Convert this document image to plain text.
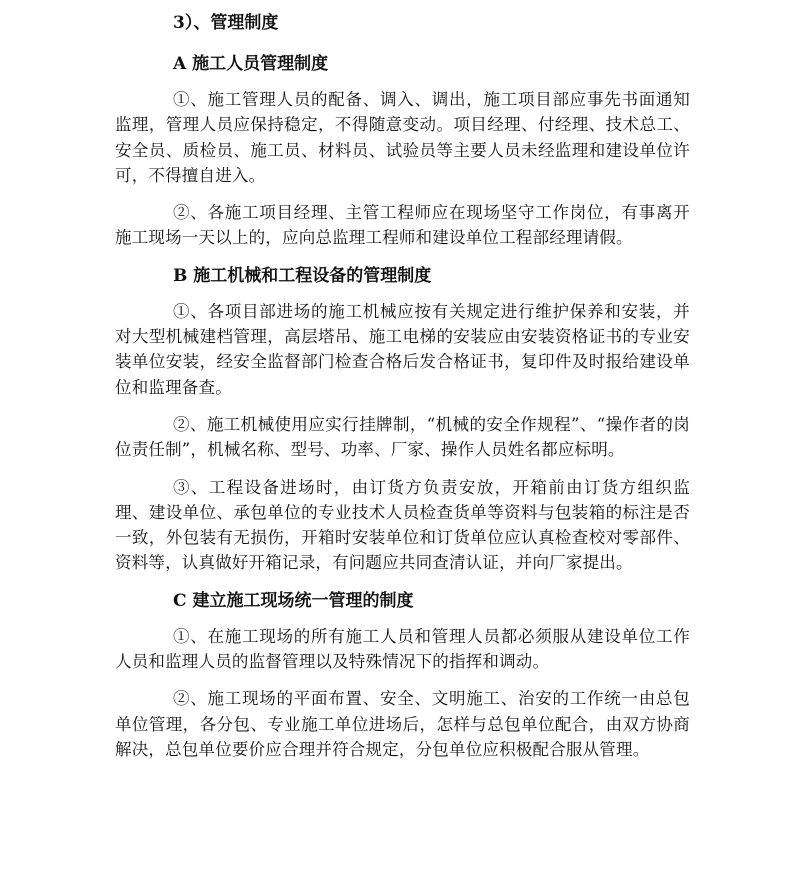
3）、管理制度
A 施工人员管理制度

①、施工管理人员的配备、调入、调出，施工项目部应事先书面通知监理，管理人员应保持稳定，不得随意变动。项目经理、付经理、技术总工、安全员、质检员、施工员、材料员、试验员等主要人员未经监理和建设单位许可，不得擅自进入。

②、各施工项目经理、主管工程师应在现场坚守工作岗位，有事离开施工现场一天以上的，应向总监理工程师和建设单位工程部经理请假。

B 施工机械和工程设备的管理制度

①、各项目部进场的施工机械应按有关规定进行维护保养和安装，并对大型机械建档管理，高层塔吊、施工电梯的安装应由安装资格证书的专业安装单位安装，经安全监督部门检查合格后发合格证书，复印件及时报给建设单位和监理备查。

②、施工机械使用应实行挂牌制，“机械的安全作规程”、“操作者的岗位责任制”，机械名称、型号、功率、厂家、操作人员姓名都应标明。

③、工程设备进场时，由订货方负责安放，开箱前由订货方组织监理、建设单位、承包单位的专业技术人员检查货单等资料与包装箱的标注是否一致，外包装有无损伤，开箱时安装单位和订货单位应认真检查校对零部件、资料等，认真做好开箱记录，有问题应共同查清认证，并向厂家提出。

C 建立施工现场统一管理的制度

①、在施工现场的所有施工人员和管理人员都必须服从建设单位工作人员和监理人员的监督管理以及特殊情况下的指挥和调动。

②、施工现场的平面布置、安全、文明施工、治安的工作统一由总包单位管理，各分包、专业施工单位进场后，怎样与总包单位配合，由双方协商解决，总包单位要价应合理并符合规定，分包单位应积极配合服从管理。
